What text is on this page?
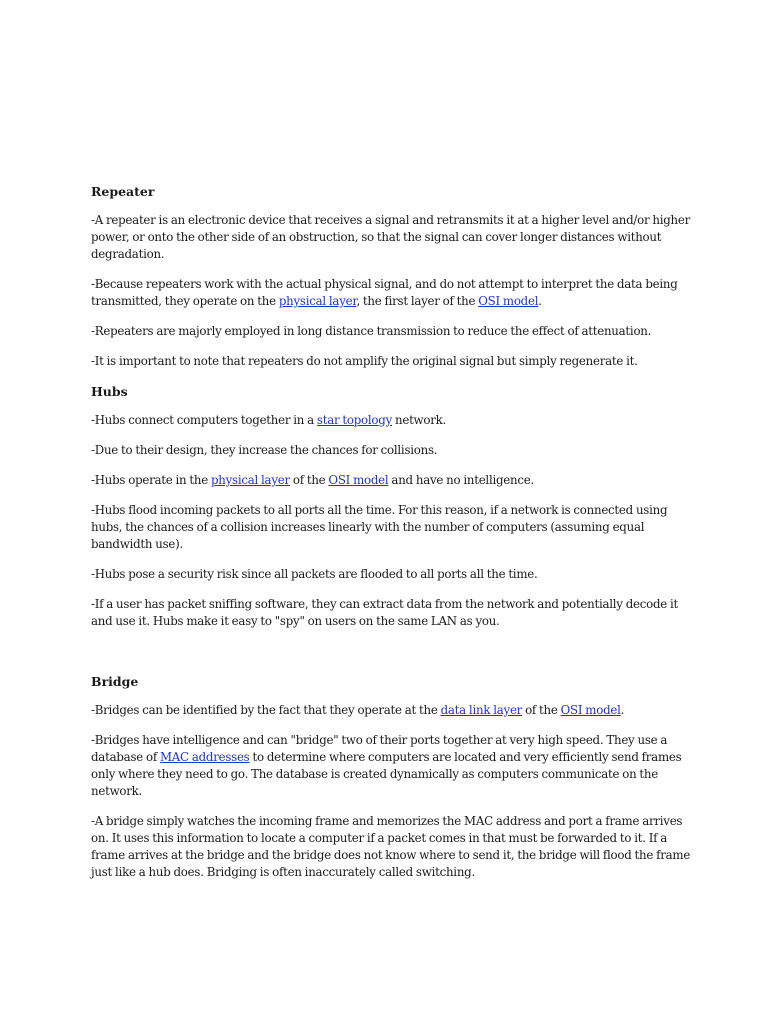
Repeater

-A repeater is an electronic device that receives a signal and retransmits it at a higher level and/or higher power, or onto the other side of an obstruction, so that the signal can cover longer distances without degradation.

-Because repeaters work with the actual physical signal, and do not attempt to interpret the data being transmitted, they operate on the physical layer, the first layer of the OSI model.

-Repeaters are majorly employed in long distance transmission to reduce the effect of attenuation.

-It is important to note that repeaters do not amplify the original signal but simply regenerate it.

Hubs

-Hubs connect computers together in a star topology network.

-Due to their design, they increase the chances for collisions.

-Hubs operate in the physical layer of the OSI model and have no intelligence.

-Hubs flood incoming packets to all ports all the time. For this reason, if a network is connected using hubs, the chances of a collision increases linearly with the number of computers (assuming equal bandwidth use).

-Hubs pose a security risk since all packets are flooded to all ports all the time.

-If a user has packet sniffing software, they can extract data from the network and potentially decode it and use it. Hubs make it easy to "spy" on users on the same LAN as you.

Bridge

-Bridges can be identified by the fact that they operate at the data link layer of the OSI model.

-Bridges have intelligence and can "bridge" two of their ports together at very high speed. They use a database of MAC addresses to determine where computers are located and very efficiently send frames only where they need to go. The database is created dynamically as computers communicate on the network.

-A bridge simply watches the incoming frame and memorizes the MAC address and port a frame arrives on. It uses this information to locate a computer if a packet comes in that must be forwarded to it. If a frame arrives at the bridge and the bridge does not know where to send it, the bridge will flood the frame just like a hub does. Bridging is often inaccurately called switching.
